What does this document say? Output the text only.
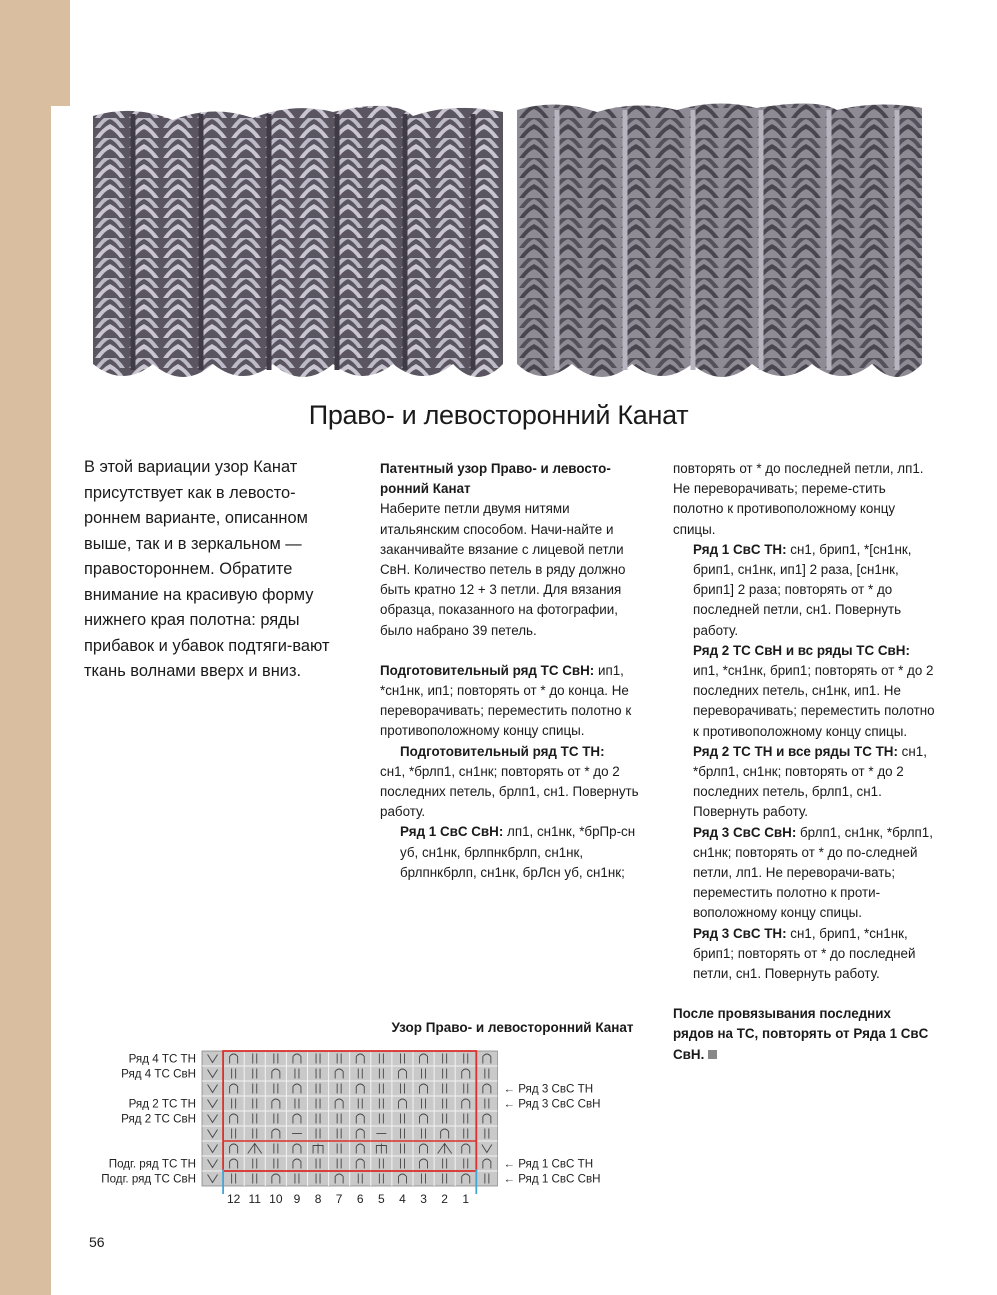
Право- и левосторонний Канат

В этой вариации узор Канат присутствует как в левосто-роннем варианте, описанном выше, так и в зеркальном — правостороннем. Обратите внимание на красивую форму нижнего края полотна: ряды прибавок и убавок подтяги-вают ткань волнами вверх и вниз.

Патентный узор Право- и левосто-ронний Канат

Наберите петли двумя нитями итальянским способом. Начи-найте и заканчивайте вязание с лицевой петли СвН. Количество петель в ряду должно быть кратно 12 + 3 петли. Для вязания образца, показанного на фотографии, было набрано 39 петель.

Подготовительный ряд ТС СвН: ип1, *сн1нк, ип1; повторять от * до конца. Не переворачивать; переместить полотно к противоположному концу спицы.

Подготовительный ряд ТС ТН:

сн1, *брлп1, сн1нк; повторять от * до 2 последних петель, брлп1, сн1. Повернуть работу.

Ряд 1 СвС СвН: лп1, сн1нк, *брПр-сн уб, сн1нк, брлпнкбрлп, сн1нк, брлпнкбрлп, сн1нк, брЛсн уб, сн1нк;

повторять от * до последней петли, лп1. Не переворачивать; переме-стить полотно к противоположному концу спицы.

Ряд 1 СвС ТН: сн1, брип1, *[сн1нк, брип1, сн1нк, ип1] 2 раза, [сн1нк, брип1] 2 раза; повторять от * до последней петли, сн1. Повернуть работу.

Ряд 2 ТС СвН и вс ряды ТС СвН: ип1, *сн1нк, брип1; повторять от * до 2 последних петель, сн1нк, ип1. Не переворачивать; переместить полотно к противоположному концу спицы.

Ряд 2 ТС ТН и все ряды ТС ТН: сн1, *брлп1, сн1нк; повторять от * до 2 последних петель, брлп1, сн1. Повернуть работу.

Ряд 3 СвС СвН: брлп1, сн1нк, *брлп1, сн1нк; повторять от * до по-следней петли, лп1. Не переворачи-вать; переместить полотно к проти-воположному концу спицы.

Ряд 3 СвС ТН: сн1, брип1, *сн1нк, брип1; повторять от * до последней петли, сн1. Повернуть работу.

После провязывания последних рядов на ТС, повторять от Ряда 1 СвС СвН.

Узор Право- и левосторонний Канат
Ряд 4 ТС ТН
Ряд 4 ТС СвН
Ряд 2 ТС ТН
Ряд 2 ТС СвН
Подг. ряд ТС ТН
Подг. ряд ТС СвН
← Ряд 3 СвС ТН
← Ряд 3 СвС СвН
← Ряд 1 СвС ТН
← Ряд 1 СвС СвН
12 11 10 9 8 7 6 5 4 3 2 1
56
